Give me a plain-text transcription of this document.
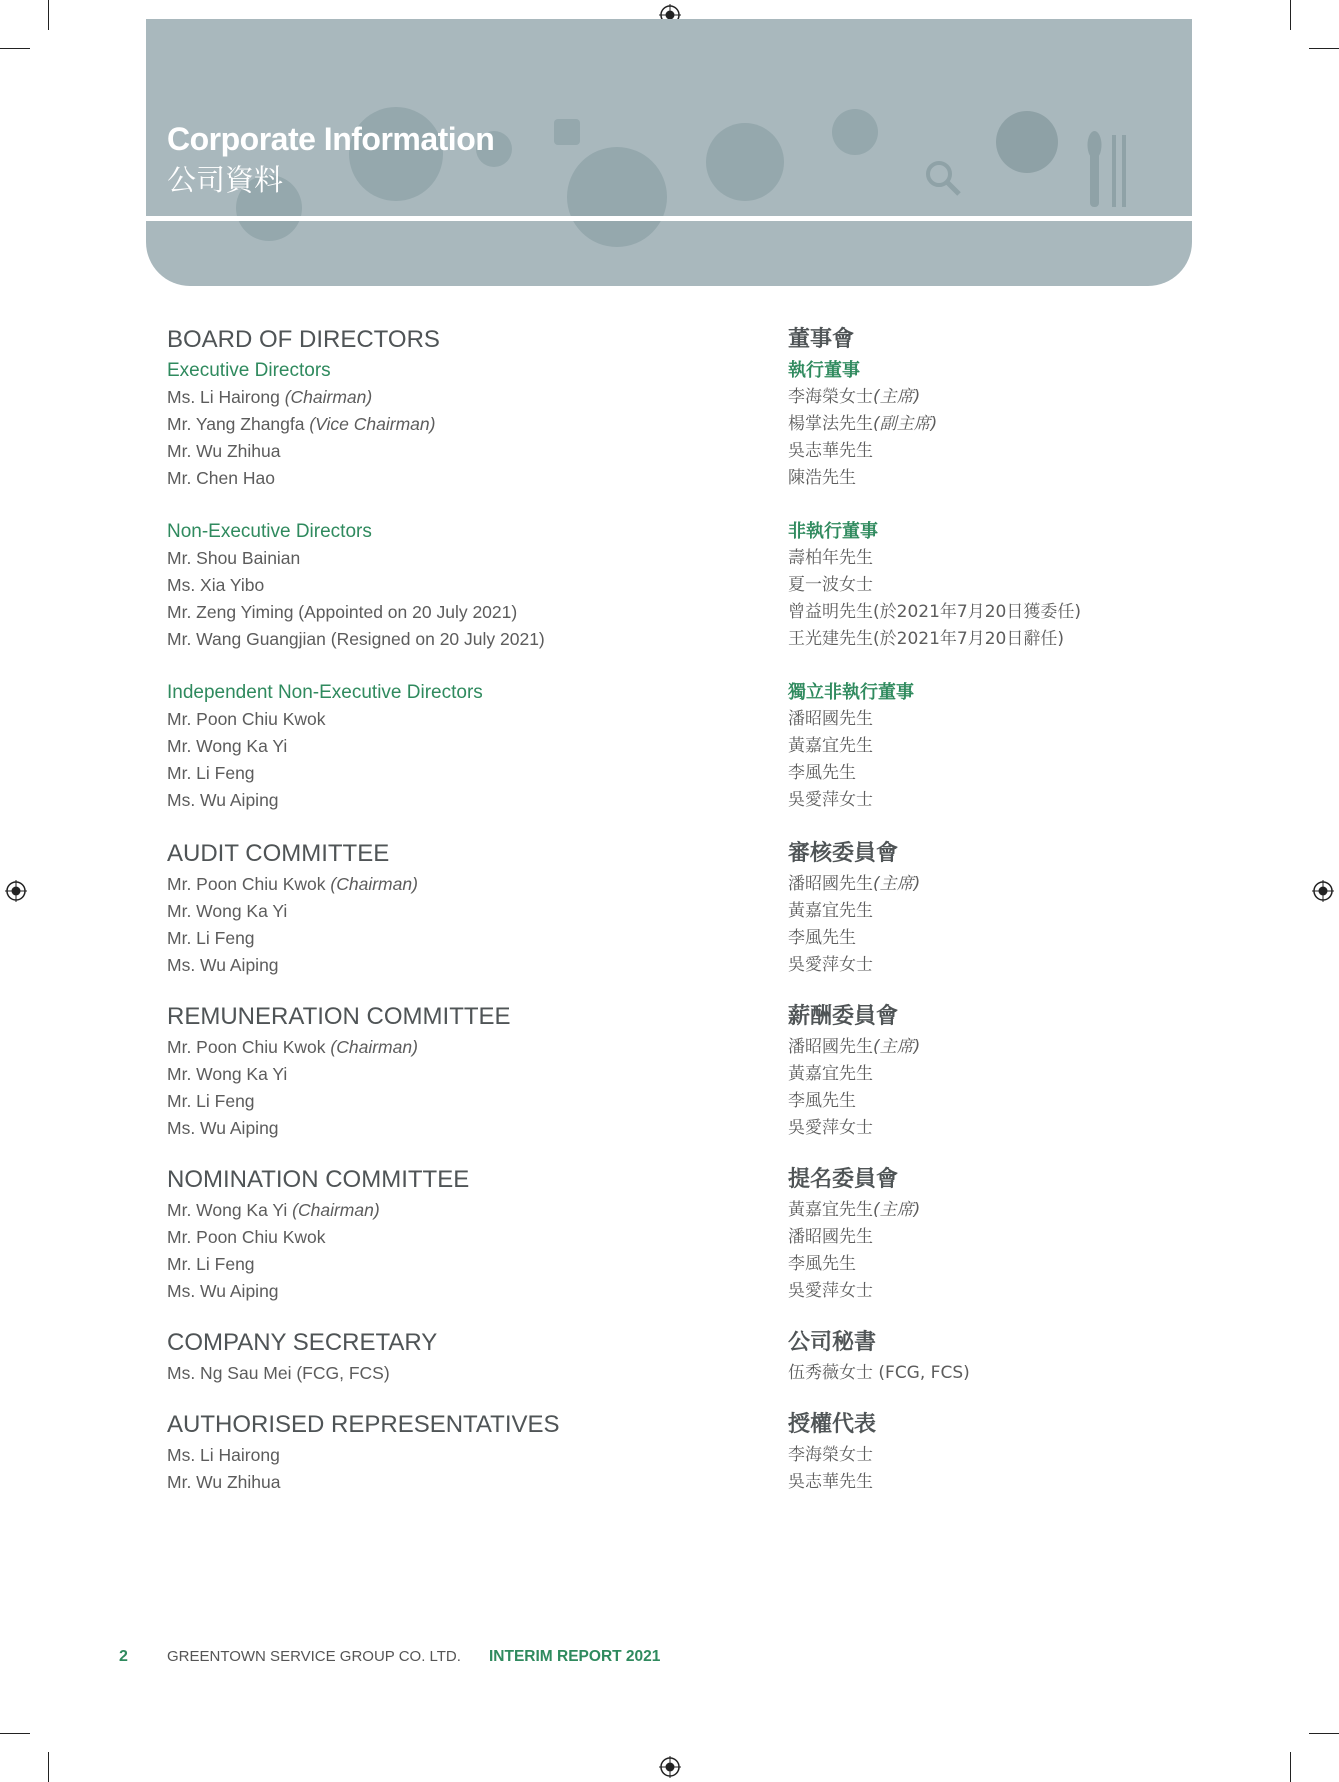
Corporate Information
公司資料
BOARD OF DIRECTORS
Executive Directors
Ms. Li Hairong (Chairman)
Mr. Yang Zhangfa (Vice Chairman)
Mr. Wu Zhihua
Mr. Chen Hao
Non-Executive Directors
Mr. Shou Bainian
Ms. Xia Yibo
Mr. Zeng Yiming (Appointed on 20 July 2021)
Mr. Wang Guangjian (Resigned on 20 July 2021)
Independent Non-Executive Directors
Mr. Poon Chiu Kwok
Mr. Wong Ka Yi
Mr. Li Feng
Ms. Wu Aiping
AUDIT COMMITTEE
Mr. Poon Chiu Kwok (Chairman)
Mr. Wong Ka Yi
Mr. Li Feng
Ms. Wu Aiping
REMUNERATION COMMITTEE
Mr. Poon Chiu Kwok (Chairman)
Mr. Wong Ka Yi
Mr. Li Feng
Ms. Wu Aiping
NOMINATION COMMITTEE
Mr. Wong Ka Yi (Chairman)
Mr. Poon Chiu Kwok
Mr. Li Feng
Ms. Wu Aiping
COMPANY SECRETARY
Ms. Ng Sau Mei (FCG, FCS)
AUTHORISED REPRESENTATIVES
Ms. Li Hairong
Mr. Wu Zhihua
董事會
執行董事
李海榮女士(主席)
楊掌法先生(副主席)
吳志華先生
陳浩先生
非執行董事
壽柏年先生
夏一波女士
曾益明先生(於2021年7月20日獲委任)
王光建先生(於2021年7月20日辭任)
獨立非執行董事
潘昭國先生
黃嘉宜先生
李風先生
吳愛萍女士
審核委員會
潘昭國先生(主席)
黃嘉宜先生
李風先生
吳愛萍女士
薪酬委員會
潘昭國先生(主席)
黃嘉宜先生
李風先生
吳愛萍女士
提名委員會
黃嘉宜先生(主席)
潘昭國先生
李風先生
吳愛萍女士
公司秘書
伍秀薇女士 (FCG, FCS)
授權代表
李海榮女士
吳志華先生
2	GREENTOWN SERVICE GROUP CO. LTD. INTERIM REPORT 2021
